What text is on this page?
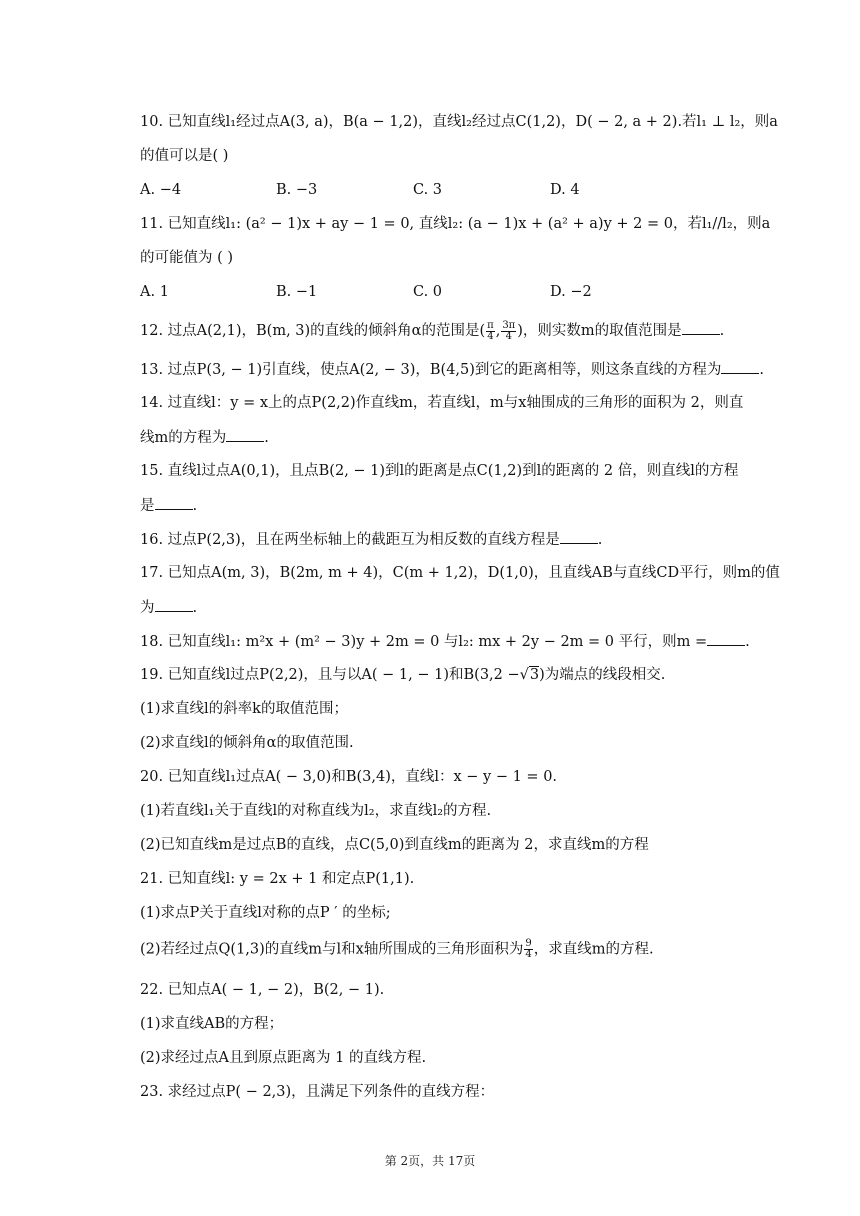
10. 已知直线l₁经过点A(3, a)，B(a − 1,2)，直线l₂经过点C(1,2)，D( − 2, a + 2).若l₁ ⊥ l₂，则a
的值可以是( )
A. −4	B. −3	C. 3	D. 4
11. 已知直线l₁: (a² − 1)x + ay − 1 = 0, 直线l₂: (a − 1)x + (a² + a)y + 2 = 0，若l₁//l₂，则a
的可能值为 ( )
A. 1	B. −1	C. 0	D. −2
12. 过点A(2,1)，B(m, 3)的直线的倾斜角α的范围是( $\frac{\pi}{4}$ , $\frac{3\pi}{4}$ )，则实数m的取值范围是	.
13. 过点P(3, − 1)引直线，使点A(2, − 3)，B(4,5)到它的距离相等，则这条直线的方程为	.
14. 过直线l：y = x上的点P(2,2)作直线m，若直线l，m与x轴围成的三角形的面积为 2，则直
线m的方程为	.
15. 直线l过点A(0,1)，且点B(2, − 1)到l的距离是点C(1,2)到l的距离的 2 倍，则直线l的方程
是	.
16. 过点P(2,3)，且在两坐标轴上的截距互为相反数的直线方程是	.
17. 已知点A(m, 3)，B(2m, m + 4)，C(m + 1,2)，D(1,0)，且直线AB与直线CD平行，则m的值
为	.
18. 已知直线l₁: m²x + (m² − 3)y + 2m = 0 与l₂: mx + 2y − 2m = 0 平行，则m =	.
19. 已知直线l过点P(2,2)，且与以A( − 1, − 1)和B(3,2 −√3)为端点的线段相交.
(1)求直线l的斜率k的取值范围；
(2)求直线l的倾斜角α的取值范围.
20. 已知直线l₁过点A( − 3,0)和B(3,4)，直线l：x − y − 1 = 0.
(1)若直线l₁关于直线l的对称直线为l₂，求直线l₂的方程.
(2)已知直线m是过点B的直线，点C(5,0)到直线m的距离为 2，求直线m的方程
21. 已知直线l: y = 2x + 1 和定点P(1,1).
(1)求点P关于直线l对称的点P ′ 的坐标;
(2)若经过点Q(1,3)的直线m与l和x轴所围成的三角形面积为 $\frac{9}{4}$ ，求直线m的方程.
22. 已知点A( − 1, − 2)，B(2, − 1).
(1)求直线AB的方程；
(2)求经过点A且到原点距离为 1 的直线方程.
23. 求经过点P( − 2,3)，且满足下列条件的直线方程：
第 2页，共 17页
